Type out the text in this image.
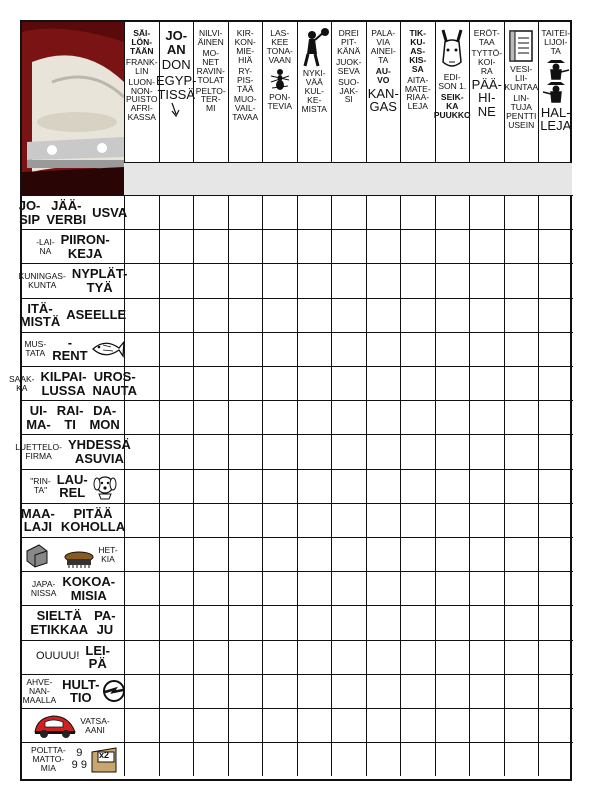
SÄI-
LÖN-
TÄÄN
FRANK-
LIN
LUON-
NON-
PUISTO
AFRI-
KASSA
JO-
AN
DON
EGYP-
TISSÄ
NILVI-
ÄINEN
MO-
NET
RAVIN-
TOLAT
PELTO-
TER-
MI
KIR-
KON-
MIE-
HIÄ
RY-
PIS-
TÄÄ
MUO-
VAIL-
TAVAA
LAS-
KEE
TONA-
VAAN
PON-
TEVIA
NYKI-
VÄÄ
KUL-
KE-
MISTA
DREI
PIT-
KÄNÄ
JUOK-
SEVA
SUO-
JAK-
SI
PALA-
VIA
AINEI-
TA
AU-
VO
KAN-
GAS
TIK-
KU-
AS-
KIS-
SA
AITA-
MATE-
RIAA-
LEJA
EDI-
SON 1.
SEIK-
KA
PUUKKO
ERÖT-
TAA
TYTTÖ-
KOI-
RA
PÄÄ-
HI-
NE
VESI-
LII-
KUNTAA
LIN-
TUJA
PENTTI
USEIN
TAITEI-
LIJOI-
TA
HAL-
LEJA
JO-
SIP
JÄÄ-
VERBI USVA
-LAI-
NA
PIIRON-
KEJA
KUNINGAS-
KUNTA
NYPLÄT-
TYÄ
ITÄ-
MISTÄ ASEELLE
MUS-
TATA
-RENT
SAAK-
KA
KILPAI-
LUSSA
UROS-
NAUTA
UI-
MA-
RAI-
TI
DA-
MON
LUETTELO-
FIRMA
YHDESSÄ
ASUVIA
"RIN-
TA"
LAU-
REL
MAA-
LAJI
PITÄÄ
KOHOLLA
HET-
KIA
JAPA-
NISSA
KOKOA-
MISIA
SIELTÄ
ETIKKAA
PA-
JU
OUUUU! LEI-
PÄ
AHVE-
NAN-
MAALLA
HULT-
TIO
VATSA-
AANI
POLTTA-
MATTO-
MIA
9
9 9
x2
